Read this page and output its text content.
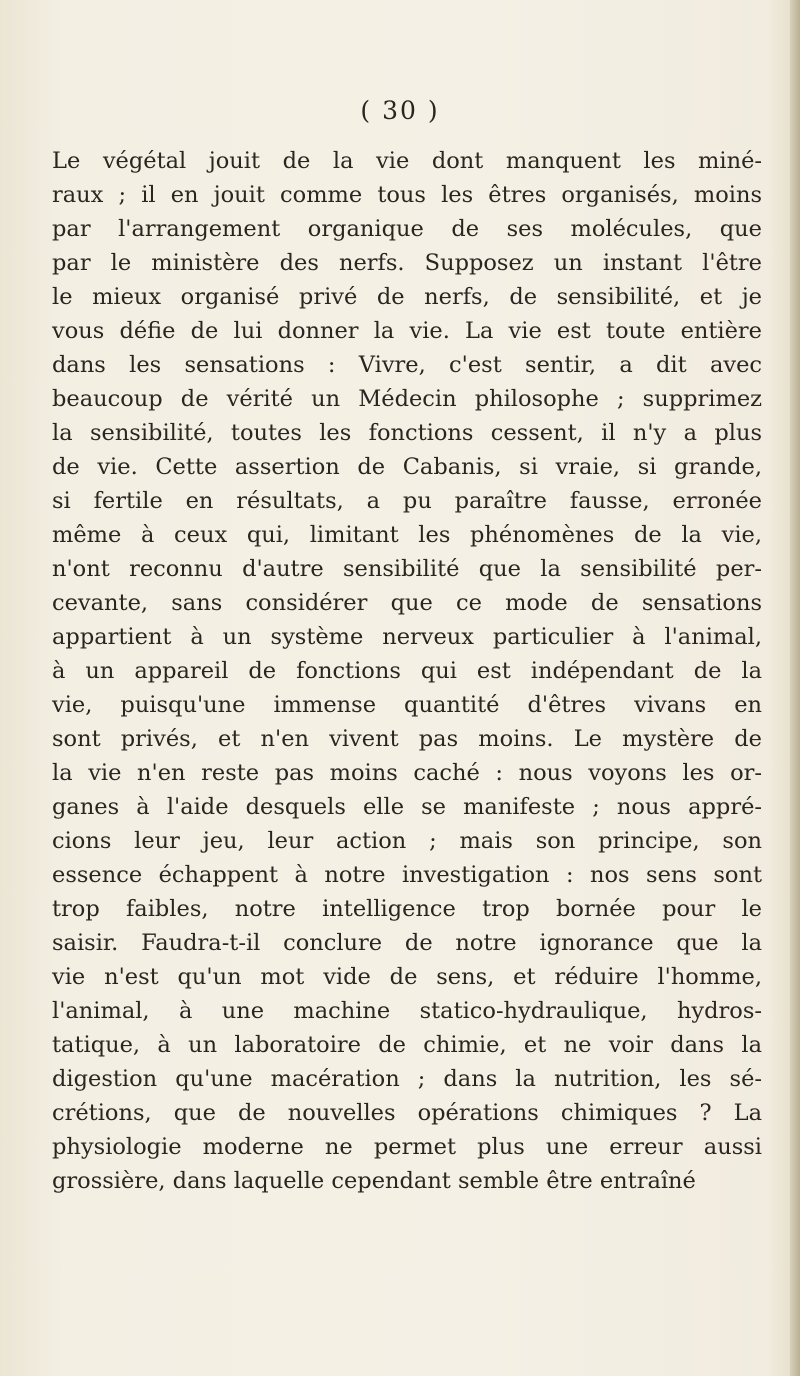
( 30 )
Le végétal jouit de la vie dont manquent les miné-
raux ; il en jouit comme tous les êtres organisés, moins
par l'arrangement organique de ses molécules, que
par le ministère des nerfs. Supposez un instant l'être
le mieux organisé privé de nerfs, de sensibilité, et je
vous défie de lui donner la vie. La vie est toute entière
dans les sensations : Vivre, c'est sentir, a dit avec
beaucoup de vérité un Médecin philosophe ; supprimez
la sensibilité, toutes les fonctions cessent, il n'y a plus
de vie. Cette assertion de Cabanis, si vraie, si grande,
si fertile en résultats, a pu paraître fausse, erronée
même à ceux qui, limitant les phénomènes de la vie,
n'ont reconnu d'autre sensibilité que la sensibilité per-
cevante, sans considérer que ce mode de sensations
appartient à un système nerveux particulier à l'animal,
à un appareil de fonctions qui est indépendant de la
vie, puisqu'une immense quantité d'êtres vivans en
sont privés, et n'en vivent pas moins. Le mystère de
la vie n'en reste pas moins caché : nous voyons les or-
ganes à l'aide desquels elle se manifeste ; nous appré-
cions leur jeu, leur action ; mais son principe, son
essence échappent à notre investigation : nos sens sont
trop faibles, notre intelligence trop bornée pour le
saisir. Faudra-t-il conclure de notre ignorance que la
vie n'est qu'un mot vide de sens, et réduire l'homme,
l'animal, à une machine statico-hydraulique, hydros-
tatique, à un laboratoire de chimie, et ne voir dans la
digestion qu'une macération ; dans la nutrition, les sé-
crétions, que de nouvelles opérations chimiques ? La
physiologie moderne ne permet plus une erreur aussi
grossière, dans laquelle cependant semble être entraîné
